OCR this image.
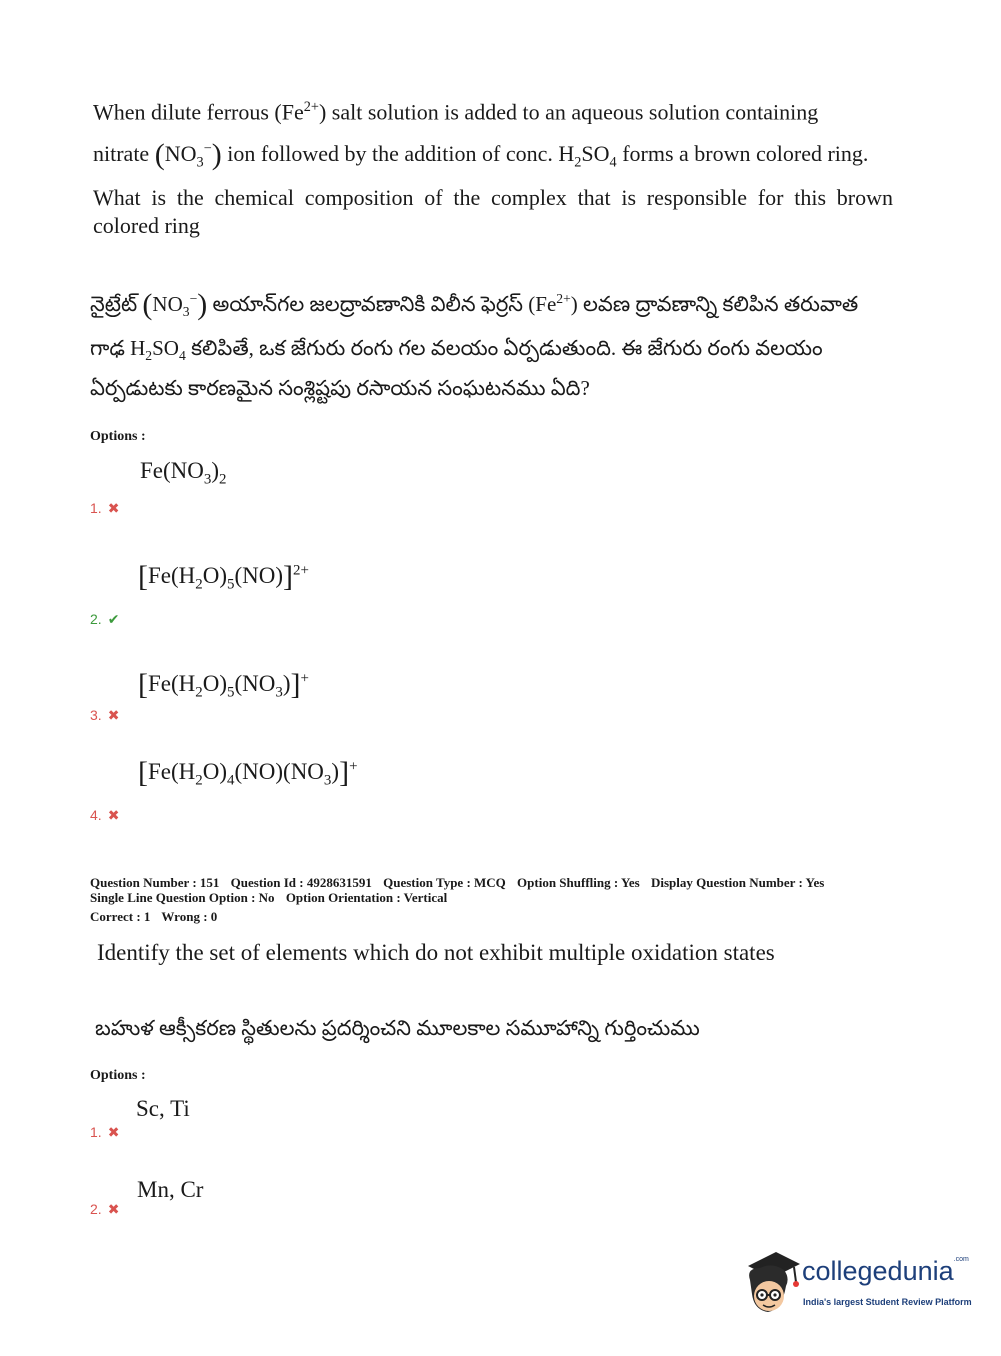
When dilute ferrous $(Fe^{2+})$ salt solution is added to an aqueous solution containing
nitrate $(NO_3^-)$ ion followed by the addition of conc. $H_2SO_4$ forms a brown colored ring.
What is the chemical composition of the complex that is responsible for this brown colored ring
నైట్రేట్ $(NO_3^-)$ అయాన్‌గల జలద్రావణానికి విలీన ఫెర్రస్ $(Fe^{2+})$ లవణ ద్రావణాన్ని కలిపిన తరువాత
గాఢ $H_2SO_4$ కలిపితే, ఒక జేగురు రంగు గల వలయం ఏర్పడుతుంది. ఈ జేగురు రంగు వలయం
ఏర్పడుటకు కారణమైన సంశ్లిష్టపు రసాయన సంఘటనము ఏది?
Options :
$Fe(NO_3)_2$
1. ✖
$[Fe(H_2O)_5(NO)]^{2+}$
2. ✔
$[Fe(H_2O)_5(NO_3)]^+$
3. ✖
$[Fe(H_2O)_4(NO)(NO_3)]^+$
4. ✖
Question Number : 151 Question Id : 4928631591 Question Type : MCQ Option Shuffling : Yes Display Question Number : Yes
Single Line Question Option : No Option Orientation : Vertical
Correct : 1 Wrong : 0
Identify the set of elements which do not exhibit multiple oxidation states
బహుళ ఆక్సీకరణ స్థితులను ప్రదర్శించని మూలకాల సమూహాన్ని గుర్తించుము
Options :
Sc, Ti
1. ✖
Mn, Cr
2. ✖
collegedunia$^{.com}$
India's largest Student Review Platform
